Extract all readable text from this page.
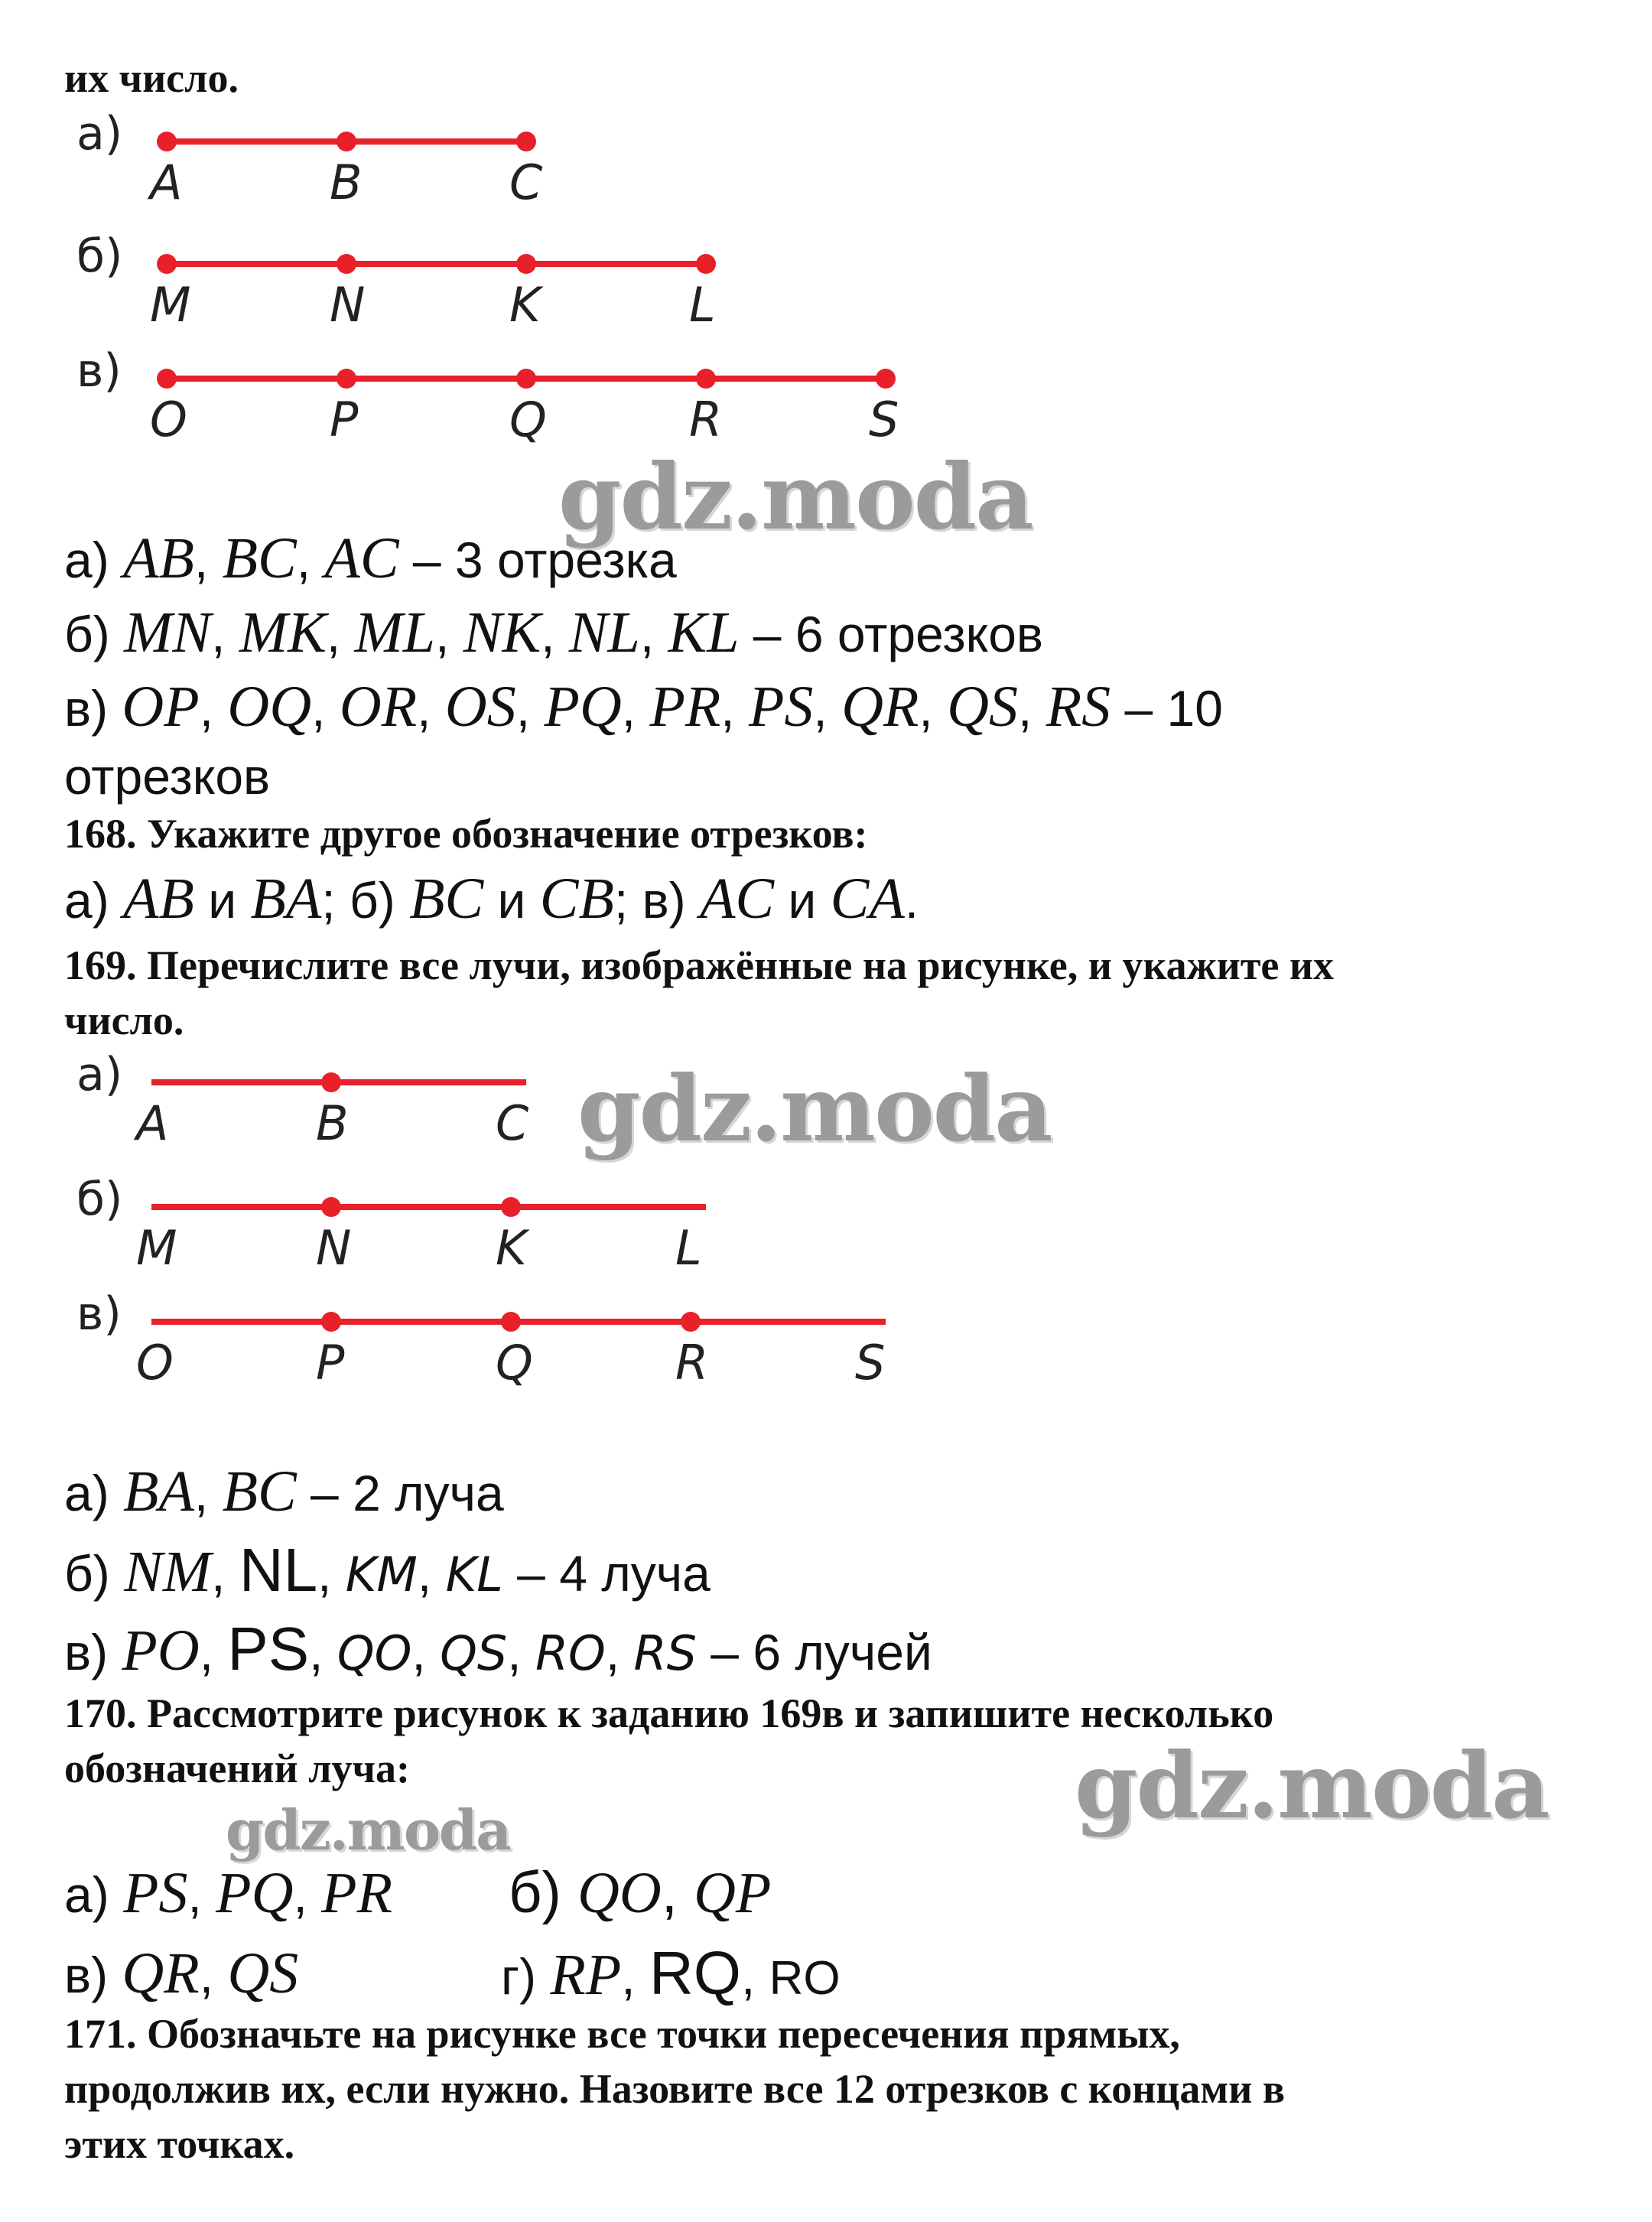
их число.
а)
A	B	C
б)
M	N	K	L
в)
O	P	Q	R	S
а)
A	B	C
б)
M	N	K	L
в)
O	P	Q	R	S
gdz.moda
gdz.moda
gdz.moda
gdz.moda
а) AB, BC, AC – 3 отрезка
б) MN, MK, ML, NK, NL, KL – 6 отрезков
в) OP, OQ, OR, OS, PQ, PR, PS, QR, QS, RS – 10
отрезков
168. Укажите другое обозначение отрезков:
а) AB и BA; б) BC и CB; в) AC и CA.
169. Перечислите все лучи, изображённые на рисунке, и укажите их
число.
а) BA, BC – 2 луча
б) NM, NL, KM, KL – 4 луча
в) PO, PS, QO, QS, RO, RS – 6 лучей
170. Рассмотрите рисунок к заданию 169в и запишите несколько
обозначений луча:
а) PS, PQ, PR б) QO, QP
в) QR, QS	г) RP, RQ, RO
171. Обозначьте на рисунке все точки пересечения прямых,
продолжив их, если нужно. Назовите все 12 отрезков с концами в
этих точках.
